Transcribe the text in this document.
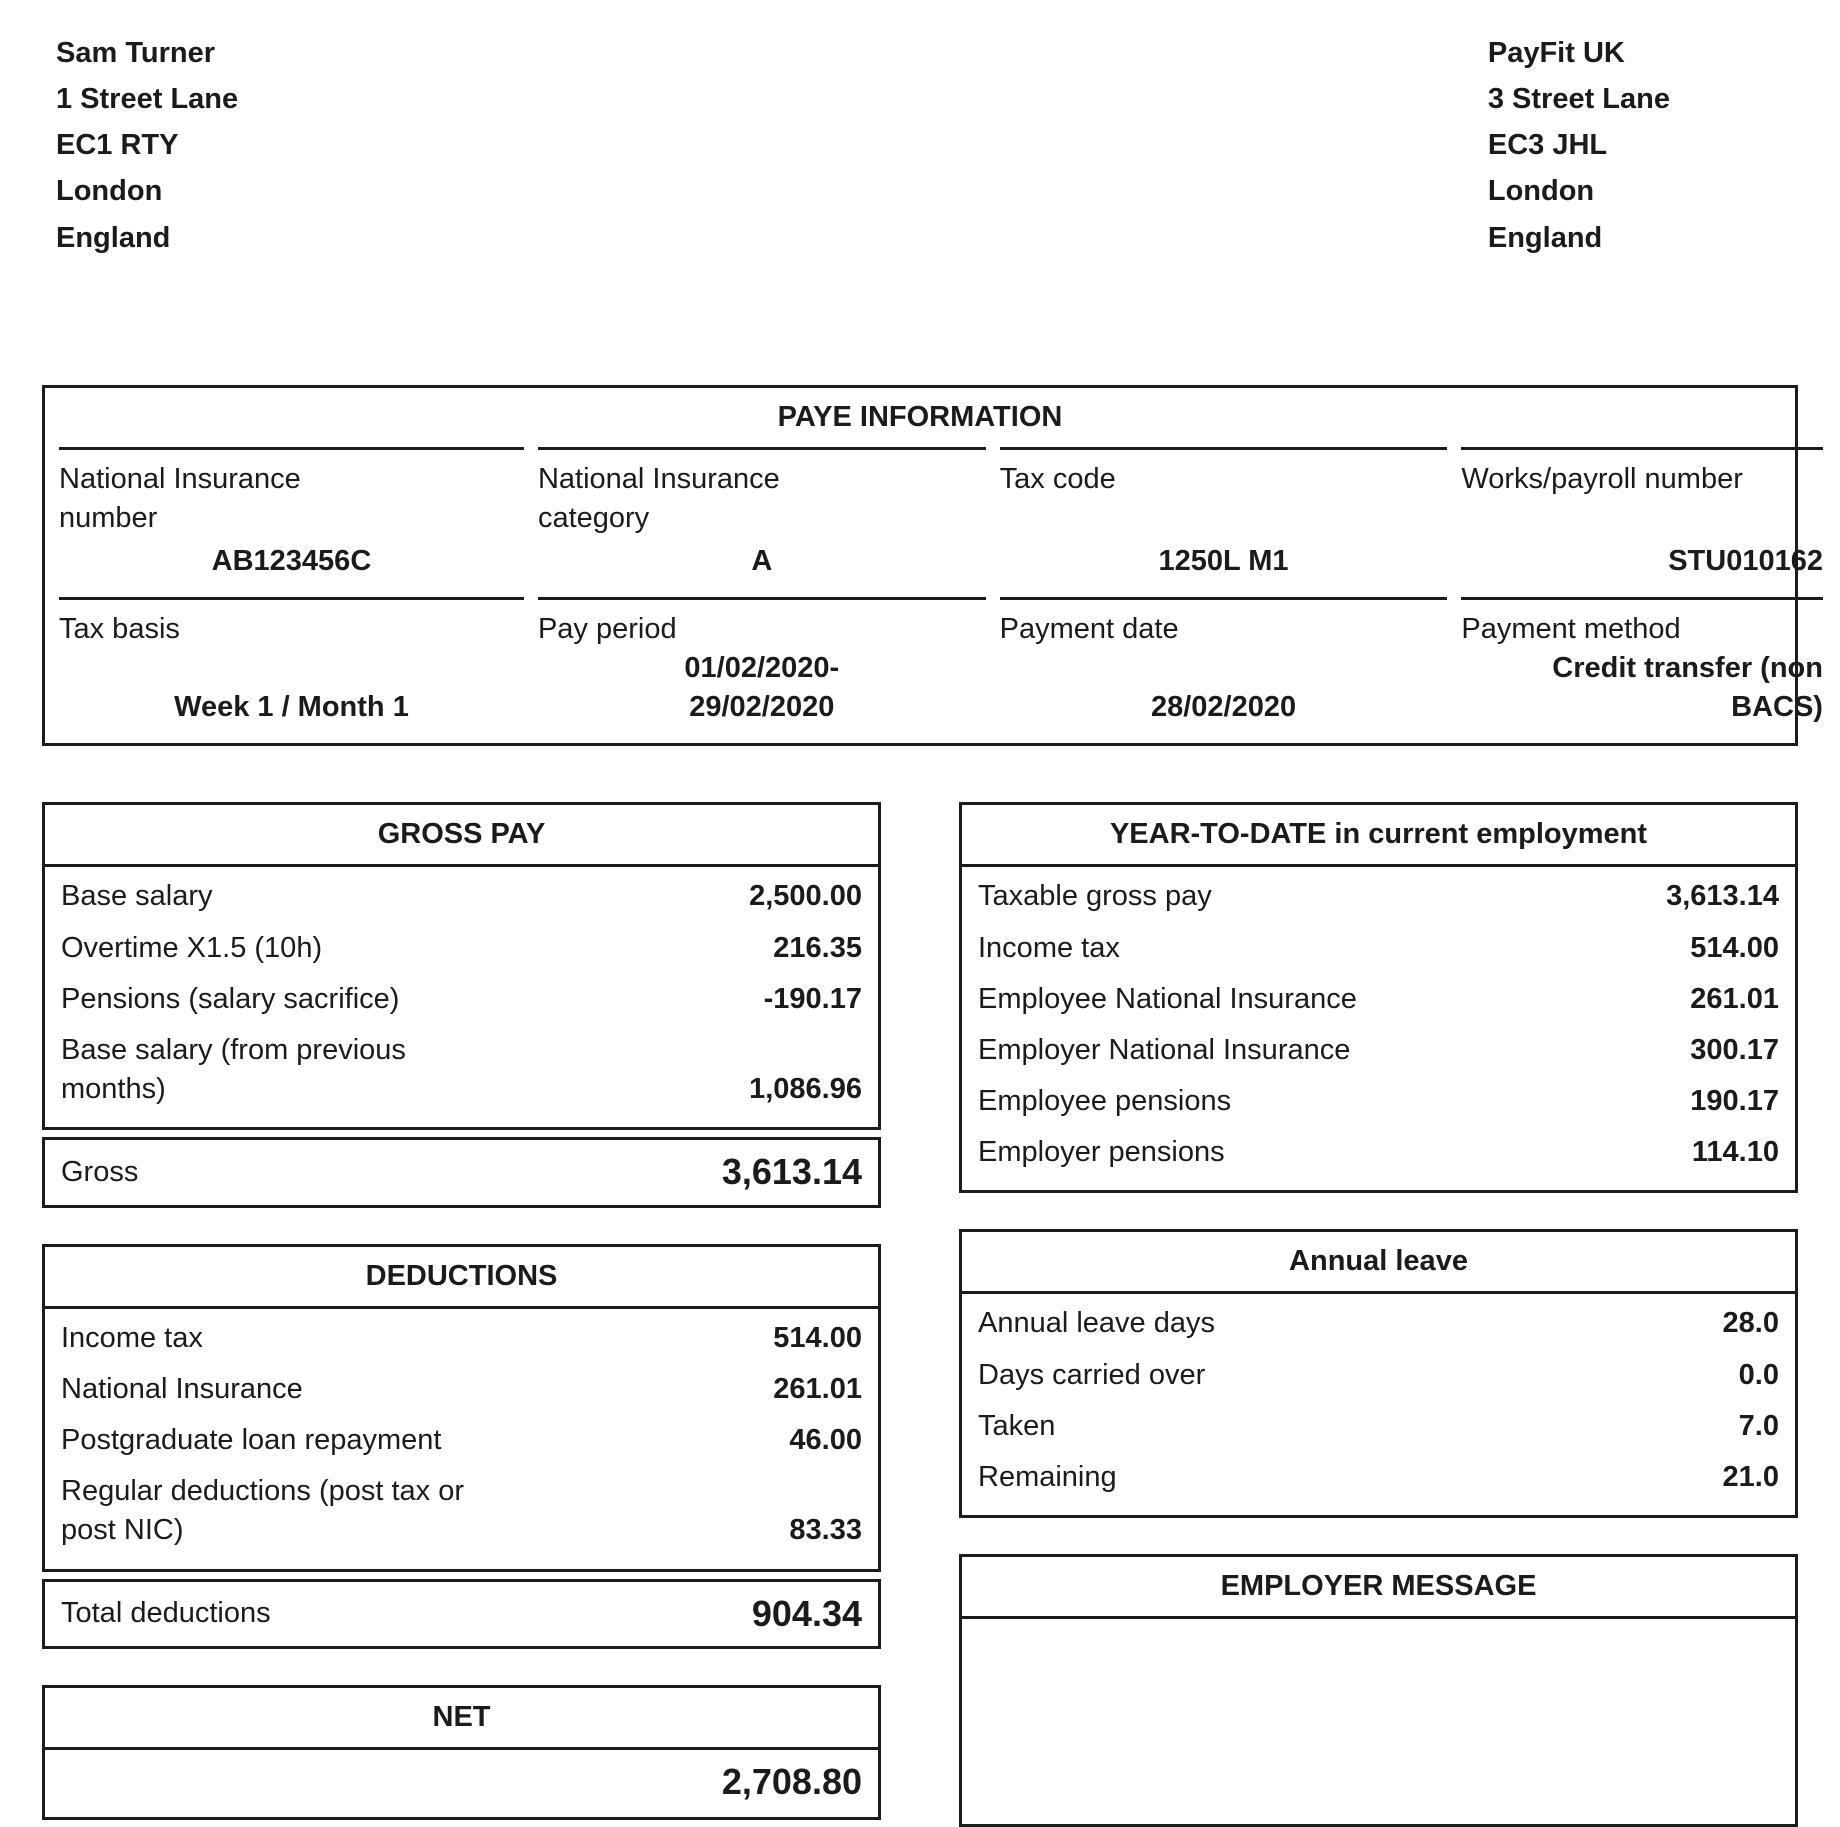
Sam Turner
1 Street Lane
EC1 RTY
London
England
PayFit UK
3 Street Lane
EC3 JHL
London
England
PAYE INFORMATION
National Insurance number
AB123456C
National Insurance category
A
Tax code
1250L M1
Works/payroll number
STU010162
Tax basis
Week 1 / Month 1
Pay period
01/02/2020-29/02/2020
Payment date
28/02/2020
Payment method
Credit transfer (non BACS)
GROSS PAY
Base salary	2,500.00
Overtime X1.5 (10h)	216.35
Pensions (salary sacrifice)	-190.17
Base salary (from previous months)	1,086.96
Gross	3,613.14
DEDUCTIONS
Income tax	514.00
National Insurance	261.01
Postgraduate loan repayment	46.00
Regular deductions (post tax or post NIC)	83.33
Total deductions	904.34
NET
2,708.80
YEAR-TO-DATE in current employment
Taxable gross pay	3,613.14
Income tax	514.00
Employee National Insurance	261.01
Employer National Insurance	300.17
Employee pensions	190.17
Employer pensions	114.10
Annual leave
Annual leave days	28.0
Days carried over	0.0
Taken	7.0
Remaining	21.0
EMPLOYER MESSAGE
